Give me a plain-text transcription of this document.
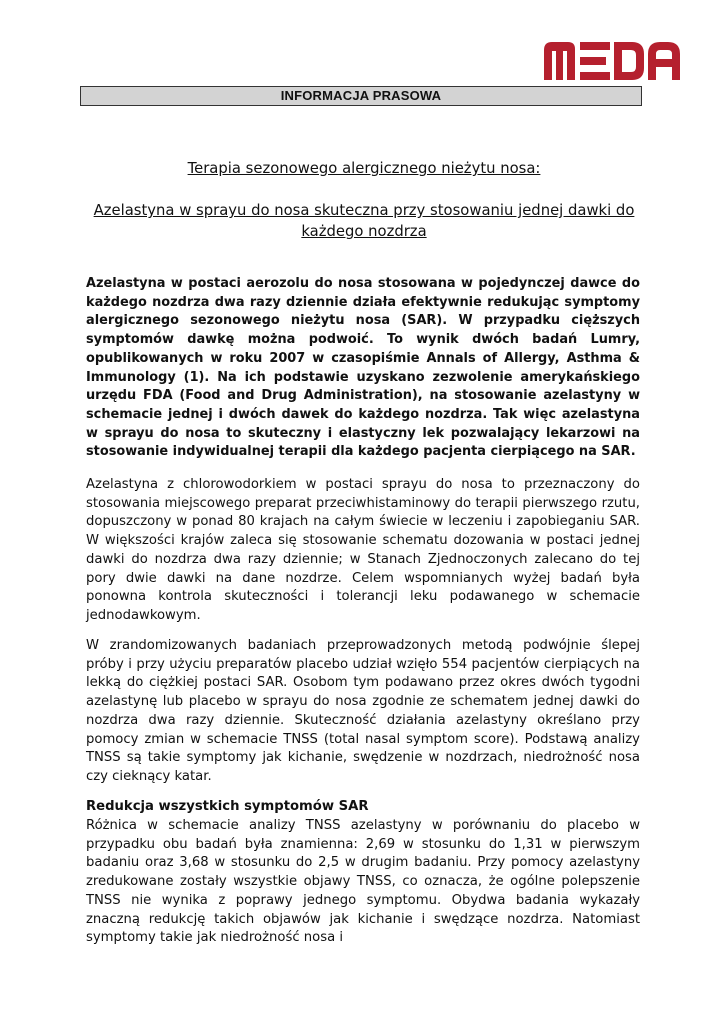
INFORMACJA PRASOWA
Terapia sezonowego alergicznego nieżytu nosa:
Azelastyna w sprayu do nosa skuteczna przy stosowaniu jednej dawki do każdego nozdrza

Azelastyna w postaci aerozolu do nosa stosowana w pojedynczej dawce do każdego nozdrza dwa razy dziennie działa efektywnie redukując symptomy alergicznego sezonowego nieżytu nosa (SAR). W przypadku cięższych symptomów dawkę można podwoić. To wynik dwóch badań Lumry, opublikowanych w roku 2007 w czasopiśmie Annals of Allergy, Asthma & Immunology (1). Na ich podstawie uzyskano zezwolenie amerykańskiego urzędu FDA (Food and Drug Administration), na stosowanie azelastyny w schemacie jednej i dwóch dawek do każdego nozdrza. Tak więc azelastyna w sprayu do nosa to skuteczny i elastyczny lek pozwalający lekarzowi na stosowanie indywidualnej terapii dla każdego pacjenta cierpiącego na SAR.

Azelastyna z chlorowodorkiem w postaci sprayu do nosa to przeznaczony do stosowania miejscowego preparat przeciwhistaminowy do terapii pierwszego rzutu, dopuszczony w ponad 80 krajach na całym świecie w leczeniu i zapobieganiu SAR. W większości krajów zaleca się stosowanie schematu dozowania w postaci jednej dawki do nozdrza dwa razy dziennie; w Stanach Zjednoczonych zalecano do tej pory dwie dawki na dane nozdrze. Celem wspomnianych wyżej badań była ponowna kontrola skuteczności i tolerancji leku podawanego w schemacie jednodawkowym.

W zrandomizowanych badaniach przeprowadzonych metodą podwójnie ślepej próby i przy użyciu preparatów placebo udział wzięło 554 pacjentów cierpiących na lekką do ciężkiej postaci SAR. Osobom tym podawano przez okres dwóch tygodni azelastynę lub placebo w sprayu do nosa zgodnie ze schematem jednej dawki do nozdrza dwa razy dziennie. Skuteczność działania azelastyny określano przy pomocy zmian w schemacie TNSS (total nasal symptom score). Podstawą analizy TNSS są takie symptomy jak kichanie, swędzenie w nozdrzach, niedrożność nosa czy cieknący katar.

Redukcja wszystkich symptomów SAR

Różnica w schemacie analizy TNSS azelastyny w porównaniu do placebo w przypadku obu badań była znamienna: 2,69 w stosunku do 1,31 w pierwszym badaniu oraz 3,68 w stosunku do 2,5 w drugim badaniu. Przy pomocy azelastyny zredukowane zostały wszystkie objawy TNSS, co oznacza, że ogólne polepszenie TNSS nie wynika z poprawy jednego symptomu. Obydwa badania wykazały znaczną redukcję takich objawów jak kichanie i swędzące nozdrza. Natomiast symptomy takie jak niedrożność nosa i
